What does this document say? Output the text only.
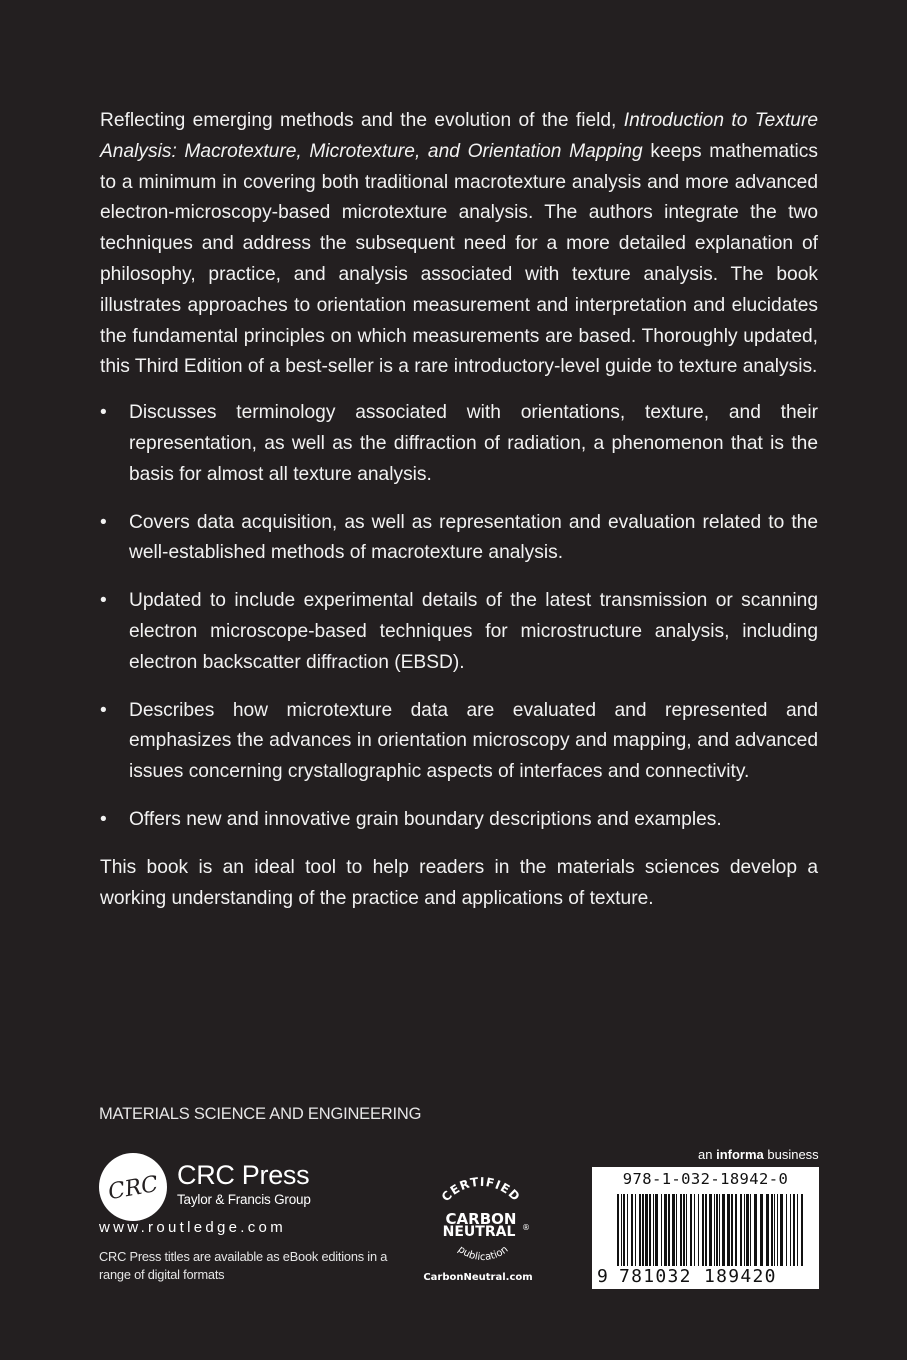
Reflecting emerging methods and the evolution of the field, Introduction to Texture Analysis: Macrotexture, Microtexture, and Orientation Mapping keeps mathematics to a minimum in covering both traditional macrotexture analysis and more advanced electron-microscopy-based microtexture analysis. The authors integrate the two techniques and address the subsequent need for a more detailed explanation of philosophy, practice, and analysis associated with texture analysis. The book illustrates approaches to orientation measurement and interpretation and elucidates the fundamental principles on which measurements are based. Thoroughly updated, this Third Edition of a best-seller is a rare introductory-level guide to texture analysis.

• Discusses terminology associated with orientations, texture, and their representation, as well as the diffraction of radiation, a phenomenon that is the basis for almost all texture analysis.
• Covers data acquisition, as well as representation and evaluation related to the well-established methods of macrotexture analysis.
• Updated to include experimental details of the latest transmission or scanning electron microscope-based techniques for microstructure analysis, including electron backscatter diffraction (EBSD).
• Describes how microtexture data are evaluated and represented and emphasizes the advances in orientation microscopy and mapping, and advanced issues concerning crystallographic aspects of interfaces and connectivity.
• Offers new and innovative grain boundary descriptions and examples.

This book is an ideal tool to help readers in the materials sciences develop a working understanding of the practice and applications of texture.

MATERIALS SCIENCE AND ENGINEERING
CRC CRC Press
Taylor & Francis Group
www.routledge.com
CRC Press titles are available as eBook editions in a range of digital formats
CERTIFIED
CARBON
NEUTRAL ®
publication
CarbonNeutral.com
an informa business
978-1-032-18942-0
9 781032 189420
